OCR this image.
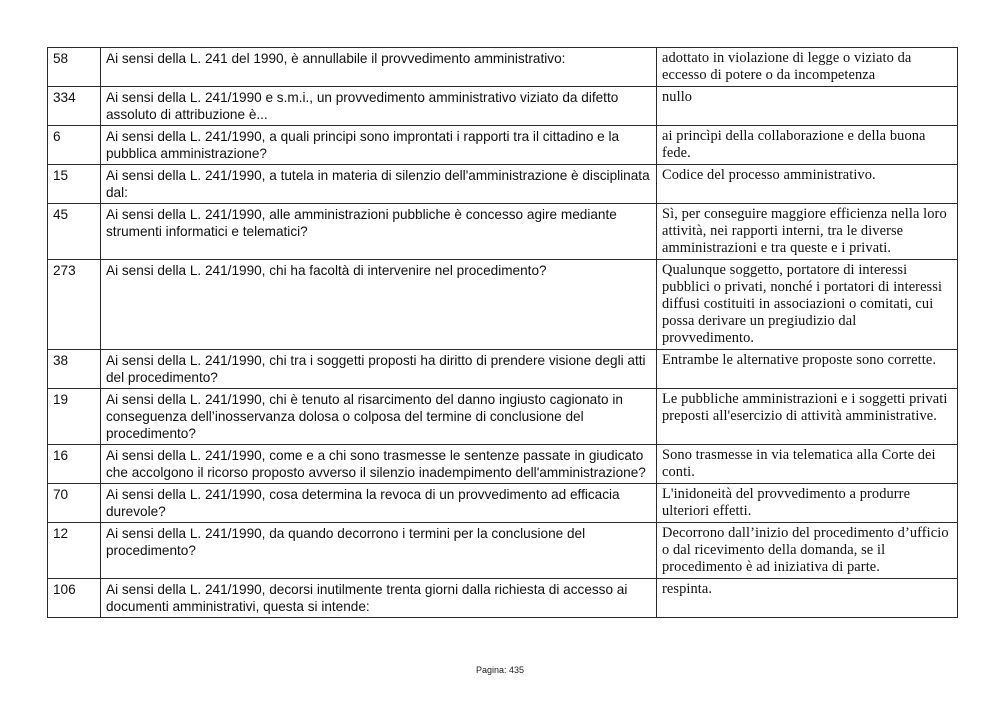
58	Ai sensi della L. 241 del 1990, è annullabile il provvedimento amministrativo:	adottato in violazione di legge o viziato da eccesso di potere o da incompetenza
334	Ai sensi della L. 241/1990 e s.m.i., un provvedimento amministrativo viziato da difetto assoluto di attribuzione è...	nullo
6	Ai sensi della L. 241/1990, a quali principi sono improntati i rapporti tra il cittadino e la pubblica amministrazione?	ai princìpi della collaborazione e della buona fede.
15	Ai sensi della L. 241/1990, a tutela in materia di silenzio dell'amministrazione è disciplinata dal:	Codice del processo amministrativo.
45	Ai sensi della L. 241/1990, alle amministrazioni pubbliche è concesso agire mediante strumenti informatici e telematici?	Sì, per conseguire maggiore efficienza nella loro attività, nei rapporti interni, tra le diverse amministrazioni e tra queste e i privati.
273	Ai sensi della L. 241/1990, chi ha facoltà di intervenire nel procedimento?	Qualunque soggetto, portatore di interessi pubblici o privati, nonché i portatori di interessi diffusi costituiti in associazioni o comitati, cui possa derivare un pregiudizio dal provvedimento.
38	Ai sensi della L. 241/1990, chi tra i soggetti proposti ha diritto di prendere visione degli atti del procedimento?	Entrambe le alternative proposte sono corrette.
19	Ai sensi della L. 241/1990, chi è tenuto al risarcimento del danno ingiusto cagionato in conseguenza dell’inosservanza dolosa o colposa del termine di conclusione del procedimento?	Le pubbliche amministrazioni e i soggetti privati preposti all'esercizio di attività amministrative.
16	Ai sensi della L. 241/1990, come e a chi sono trasmesse le sentenze passate in giudicato che accolgono il ricorso proposto avverso il silenzio inadempimento dell'amministrazione?	Sono trasmesse in via telematica alla Corte dei conti.
70	Ai sensi della L. 241/1990, cosa determina la revoca di un provvedimento ad efficacia durevole?	L'inidoneità del provvedimento a produrre ulteriori effetti.
12	Ai sensi della L. 241/1990, da quando decorrono i termini per la conclusione del procedimento?	Decorrono dall’inizio del procedimento d’ufficio o dal ricevimento della domanda, se il procedimento è ad iniziativa di parte.
106	Ai sensi della L. 241/1990, decorsi inutilmente trenta giorni dalla richiesta di accesso ai documenti amministrativi, questa si intende:	respinta.
Pagina: 435
